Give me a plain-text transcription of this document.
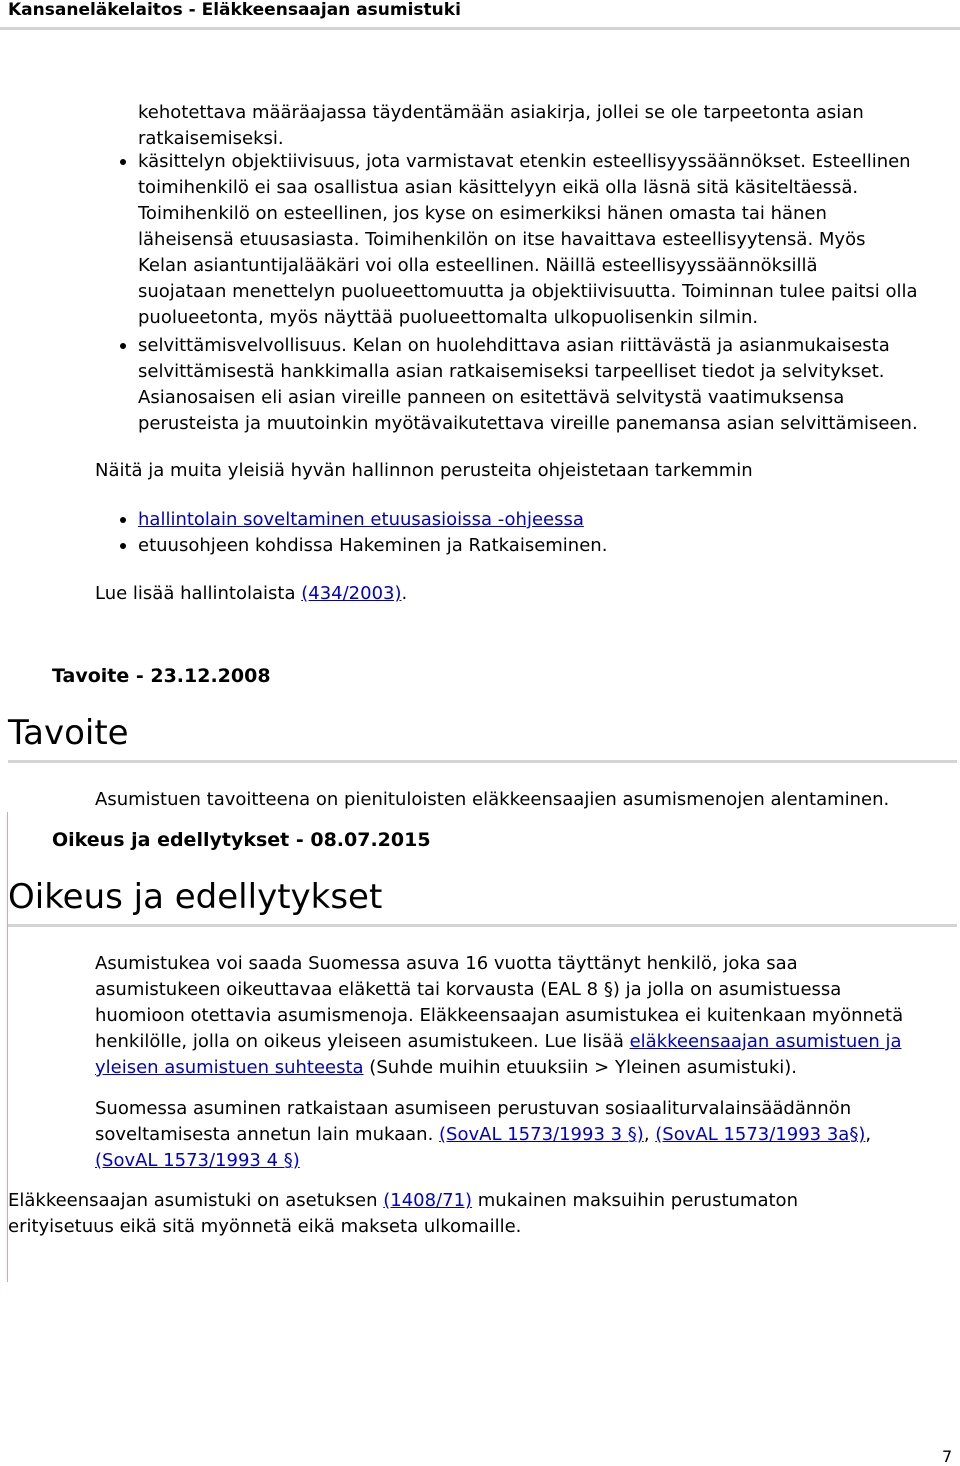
Kansaneläkelaitos - Eläkkeensaajan asumistuki

kehotettava määräajassa täydentämään asiakirja, jollei se ole tarpeetonta asian
ratkaisemiseksi.

käsittelyn objektiivisuus, jota varmistavat etenkin esteellisyyssäännökset. Esteellinen
toimihenkilö ei saa osallistua asian käsittelyyn eikä olla läsnä sitä käsiteltäessä.
Toimihenkilö on esteellinen, jos kyse on esimerkiksi hänen omasta tai hänen
läheisensä etuusasiasta. Toimihenkilön on itse havaittava esteellisyytensä. Myös
Kelan asiantuntijalääkäri voi olla esteellinen. Näillä esteellisyyssäännöksillä
suojataan menettelyn puolueettomuutta ja objektiivisuutta. Toiminnan tulee paitsi olla
puolueetonta, myös näyttää puolueettomalta ulkopuolisenkin silmin.

selvittämisvelvollisuus. Kelan on huolehdittava asian riittävästä ja asianmukaisesta
selvittämisestä hankkimalla asian ratkaisemiseksi tarpeelliset tiedot ja selvitykset.
Asianosaisen eli asian vireille panneen on esitettävä selvitystä vaatimuksensa
perusteista ja muutoinkin myötävaikutettava vireille panemansa asian selvittämiseen.

Näitä ja muita yleisiä hyvän hallinnon perusteita ohjeistetaan tarkemmin

hallintolain soveltaminen etuusasioissa -ohjeessa

etuusohjeen kohdissa Hakeminen ja Ratkaiseminen.

Lue lisää hallintolaista (434/2003).

Tavoite - 23.12.2008
Tavoite

Asumistuen tavoitteena on pienituloisten eläkkeensaajien asumismenojen alentaminen.

Oikeus ja edellytykset - 08.07.2015
Oikeus ja edellytykset

Asumistukea voi saada Suomessa asuva 16 vuotta täyttänyt henkilö, joka saa
asumistukeen oikeuttavaa eläkettä tai korvausta (EAL 8 §) ja jolla on asumistuessa
huomioon otettavia asumismenoja. Eläkkeensaajan asumistukea ei kuitenkaan myönnetä
henkilölle, jolla on oikeus yleiseen asumistukeen. Lue lisää eläkkeensaajan asumistuen ja
yleisen asumistuen suhteesta (Suhde muihin etuuksiin > Yleinen asumistuki).

Suomessa asuminen ratkaistaan asumiseen perustuvan sosiaaliturvalainsäädännön
soveltamisesta annetun lain mukaan. (SovAL 1573/1993 3 §), (SovAL 1573/1993 3a§),
(SovAL 1573/1993 4 §)

Eläkkeensaajan asumistuki on asetuksen (1408/71) mukainen maksuihin perustumaton
erityisetuus eikä sitä myönnetä eikä makseta ulkomaille.

7
